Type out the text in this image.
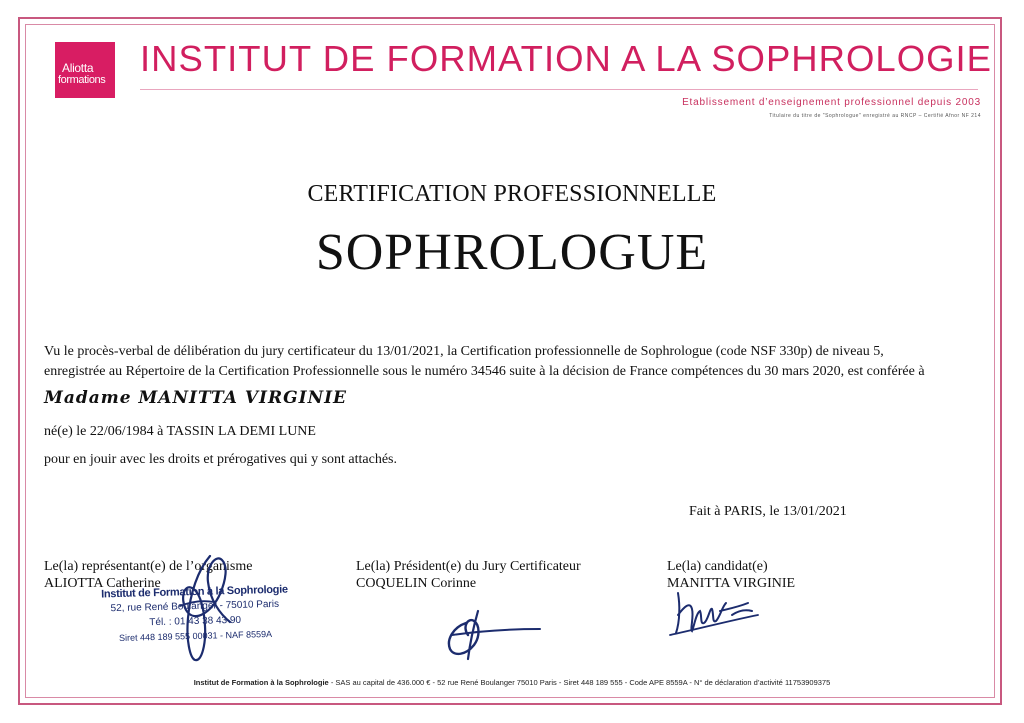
Aliotta
formations
INSTITUT DE FORMATION A LA SOPHROLOGIE
Etablissement d’enseignement professionnel depuis 2003
Titulaire du titre de "Sophrologue" enregistré au RNCP – Certifié Afnor NF 214
CERTIFICATION PROFESSIONNELLE
SOPHROLOGUE
Vu le procès-verbal de délibération du jury certificateur du 13/01/2021, la Certification professionnelle de Sophrologue (code NSF 330p) de niveau 5,
enregistrée au Répertoire de la Certification Professionnelle sous le numéro 34546 suite à la décision de France compétences du 30 mars 2020, est conférée à
Madame MANITTA VIRGINIE
né(e) le 22/06/1984 à TASSIN LA DEMI LUNE
pour en jouir avec les droits et prérogatives qui y sont attachés.
Fait à PARIS, le 13/01/2021
Le(la) représentant(e) de l’organisme
ALIOTTA Catherine
Le(la) Président(e) du Jury Certificateur
COQUELIN Corinne
Le(la) candidat(e)
MANITTA VIRGINIE
Institut de Formation à la Sophrologie
52, rue René Boulanger - 75010 Paris
Tél. : 01 43 38 43 90
Siret 448 189 555 00031 - NAF 8559A
Institut de Formation à la Sophrologie - SAS au capital de 436.000 € - 52 rue René Boulanger 75010 Paris - Siret 448 189 555 - Code APE 8559A - N° de déclaration d’activité 11753909375
